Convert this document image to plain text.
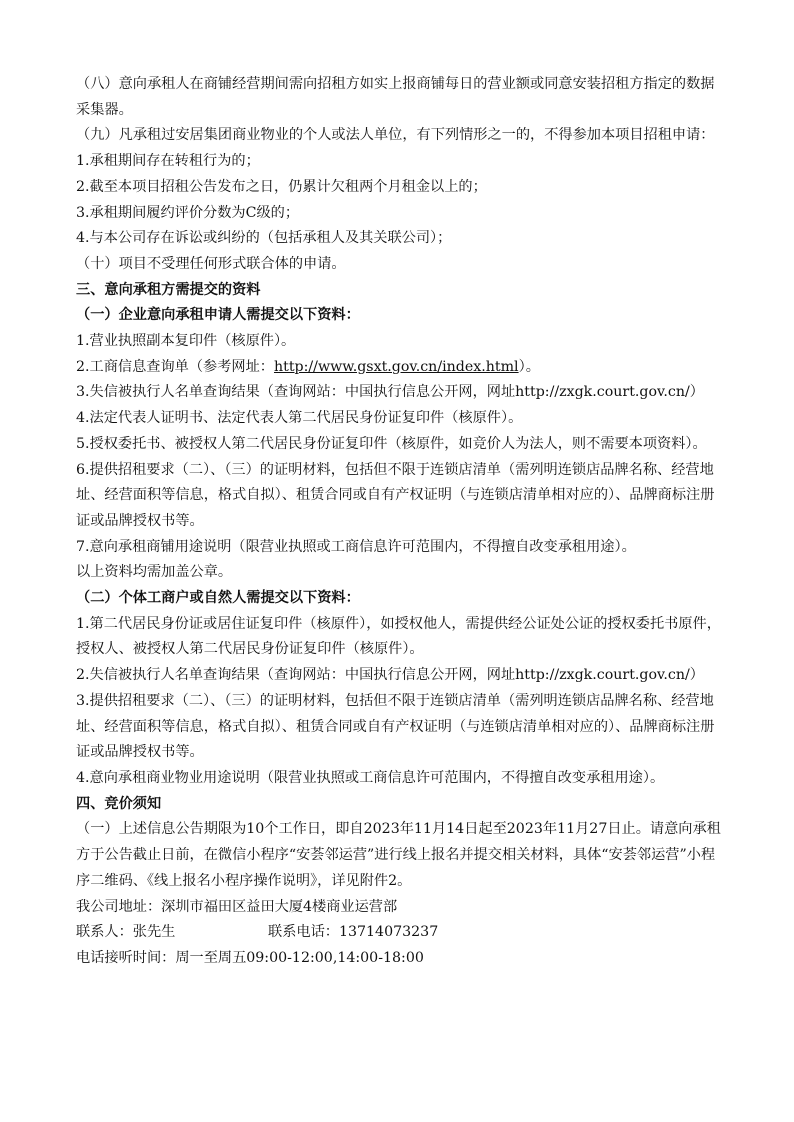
（八）意向承租人在商铺经营期间需向招租方如实上报商铺每日的营业额或同意安装招租方指定的数据采集器。

（九）凡承租过安居集团商业物业的个人或法人单位，有下列情形之一的，不得参加本项目招租申请：

1.承租期间存在转租行为的；

2.截至本项目招租公告发布之日，仍累计欠租两个月租金以上的；

3.承租期间履约评价分数为C级的；

4.与本公司存在诉讼或纠纷的（包括承租人及其关联公司）；

（十）项目不受理任何形式联合体的申请。

三、意向承租方需提交的资料

（一）企业意向承租申请人需提交以下资料：

1.营业执照副本复印件（核原件）。

2.工商信息查询单（参考网址：http://www.gsxt.gov.cn/index.html）。

3.失信被执行人名单查询结果（查询网站：中国执行信息公开网，网址http://zxgk.court.gov.cn/）

4.法定代表人证明书、法定代表人第二代居民身份证复印件（核原件）。

5.授权委托书、被授权人第二代居民身份证复印件（核原件，如竞价人为法人，则不需要本项资料）。

6.提供招租要求（二）、（三）的证明材料，包括但不限于连锁店清单（需列明连锁店品牌名称、经营地址、经营面积等信息，格式自拟）、租赁合同或自有产权证明（与连锁店清单相对应的）、品牌商标注册证或品牌授权书等。

7.意向承租商铺用途说明（限营业执照或工商信息许可范围内，不得擅自改变承租用途）。

以上资料均需加盖公章。

（二）个体工商户或自然人需提交以下资料：

1.第二代居民身份证或居住证复印件（核原件），如授权他人，需提供经公证处公证的授权委托书原件，授权人、被授权人第二代居民身份证复印件（核原件）。

2.失信被执行人名单查询结果（查询网站：中国执行信息公开网，网址http://zxgk.court.gov.cn/）

3.提供招租要求（二）、（三）的证明材料，包括但不限于连锁店清单（需列明连锁店品牌名称、经营地址、经营面积等信息，格式自拟）、租赁合同或自有产权证明（与连锁店清单相对应的）、品牌商标注册证或品牌授权书等。

4.意向承租商业物业用途说明（限营业执照或工商信息许可范围内，不得擅自改变承租用途）。

四、竞价须知

（一）上述信息公告期限为10个工作日，即自2023年11月14日起至2023年11月27日止。请意向承租方于公告截止日前，在微信小程序“安荟邻运营”进行线上报名并提交相关材料，具体“安荟邻运营”小程序二维码、《线上报名小程序操作说明》，详见附件2。

我公司地址：深圳市福田区益田大厦4楼商业运营部

联系人：张先生	联系电话：13714073237

电话接听时间：周一至周五09:00-12:00,14:00-18:00
